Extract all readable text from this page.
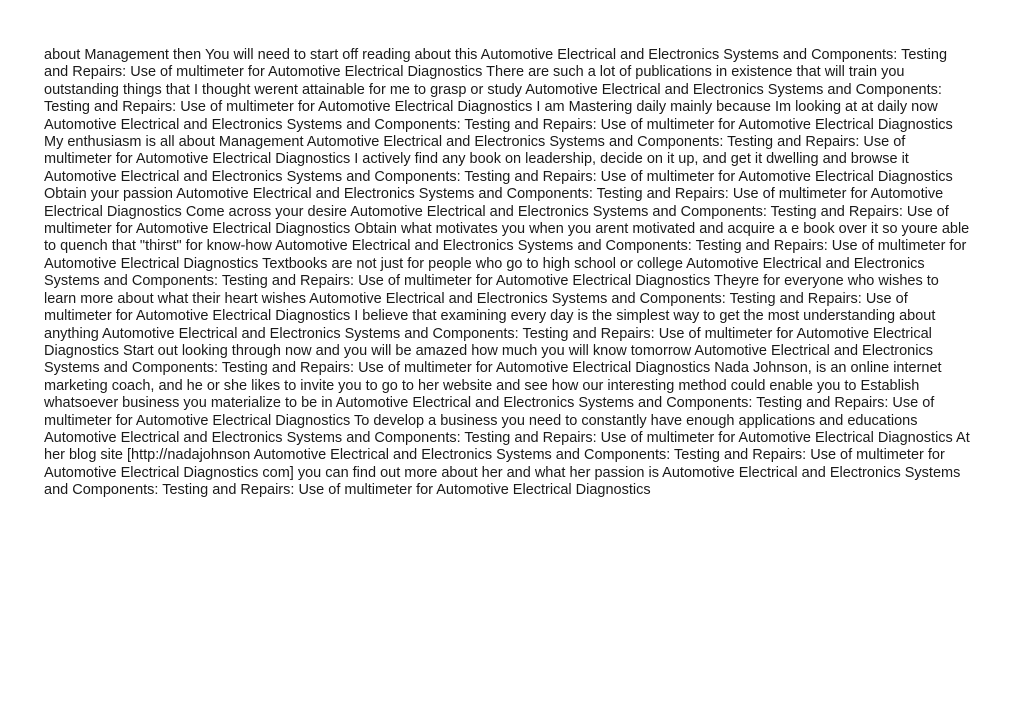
about Management then You will need to start off reading about this Automotive Electrical and Electronics Systems and Components: Testing
and Repairs: Use of multimeter for Automotive Electrical Diagnostics There are such a lot of publications in existence that will train you
outstanding things that I thought werent attainable for me to grasp or study Automotive Electrical and Electronics Systems and Components:
Testing and Repairs: Use of multimeter for Automotive Electrical Diagnostics I am Mastering daily mainly because Im looking at at daily now
Automotive Electrical and Electronics Systems and Components: Testing and Repairs: Use of multimeter for Automotive Electrical Diagnostics
My enthusiasm is all about Management Automotive Electrical and Electronics Systems and Components: Testing and Repairs: Use of
multimeter for Automotive Electrical Diagnostics I actively find any book on leadership, decide on it up, and get it dwelling and browse it
Automotive Electrical and Electronics Systems and Components: Testing and Repairs: Use of multimeter for Automotive Electrical Diagnostics
Obtain your passion Automotive Electrical and Electronics Systems and Components: Testing and Repairs: Use of multimeter for Automotive
Electrical Diagnostics Come across your desire Automotive Electrical and Electronics Systems and Components: Testing and Repairs: Use of
multimeter for Automotive Electrical Diagnostics Obtain what motivates you when you arent motivated and acquire a e book over it so youre able
to quench that "thirst" for know-how Automotive Electrical and Electronics Systems and Components: Testing and Repairs: Use of multimeter for
Automotive Electrical Diagnostics Textbooks are not just for people who go to high school or college Automotive Electrical and Electronics
Systems and Components: Testing and Repairs: Use of multimeter for Automotive Electrical Diagnostics Theyre for everyone who wishes to
learn more about what their heart wishes Automotive Electrical and Electronics Systems and Components: Testing and Repairs: Use of
multimeter for Automotive Electrical Diagnostics I believe that examining every day is the simplest way to get the most understanding about
anything Automotive Electrical and Electronics Systems and Components: Testing and Repairs: Use of multimeter for Automotive Electrical
Diagnostics Start out looking through now and you will be amazed how much you will know tomorrow Automotive Electrical and Electronics
Systems and Components: Testing and Repairs: Use of multimeter for Automotive Electrical Diagnostics Nada Johnson, is an online internet
marketing coach, and he or she likes to invite you to go to her website and see how our interesting method could enable you to Establish
whatsoever business you materialize to be in Automotive Electrical and Electronics Systems and Components: Testing and Repairs: Use of
multimeter for Automotive Electrical Diagnostics To develop a business you need to constantly have enough applications and educations
Automotive Electrical and Electronics Systems and Components: Testing and Repairs: Use of multimeter for Automotive Electrical Diagnostics At
her blog site [http://nadajohnson Automotive Electrical and Electronics Systems and Components: Testing and Repairs: Use of multimeter for
Automotive Electrical Diagnostics com] you can find out more about her and what her passion is Automotive Electrical and Electronics Systems
and Components: Testing and Repairs: Use of multimeter for Automotive Electrical Diagnostics
